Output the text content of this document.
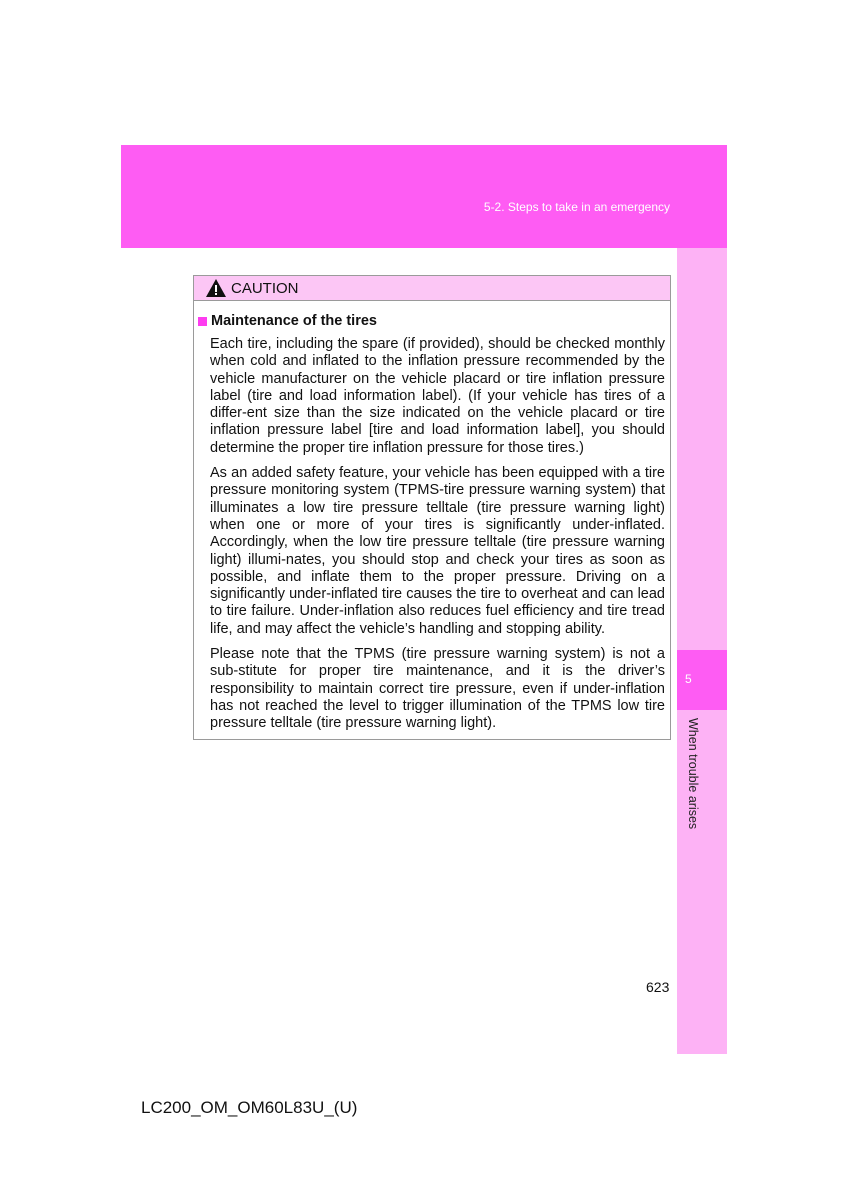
5-2. Steps to take in an emergency
5
When trouble arises
CAUTION
Maintenance of the tires

Each tire, including the spare (if provided), should be checked monthly when cold and inflated to the inflation pressure recommended by the vehicle manufacturer on the vehicle placard or tire inflation pressure label (tire and load information label). (If your vehicle has tires of a differ-ent size than the size indicated on the vehicle placard or tire inflation pressure label [tire and load information label], you should determine the proper tire inflation pressure for those tires.)

As an added safety feature, your vehicle has been equipped with a tire pressure monitoring system (TPMS-tire pressure warning system) that illuminates a low tire pressure telltale (tire pressure warning light) when one or more of your tires is significantly under-inflated. Accordingly, when the low tire pressure telltale (tire pressure warning light) illumi-nates, you should stop and check your tires as soon as possible, and inflate them to the proper pressure. Driving on a significantly under-inflated tire causes the tire to overheat and can lead to tire failure. Under-inflation also reduces fuel efficiency and tire tread life, and may affect the vehicle’s handling and stopping ability.

Please note that the TPMS (tire pressure warning system) is not a sub-stitute for proper tire maintenance, and it is the driver’s responsibility to maintain correct tire pressure, even if under-inflation has not reached the level to trigger illumination of the TPMS low tire pressure telltale (tire pressure warning light).

623
LC200_OM_OM60L83U_(U)
